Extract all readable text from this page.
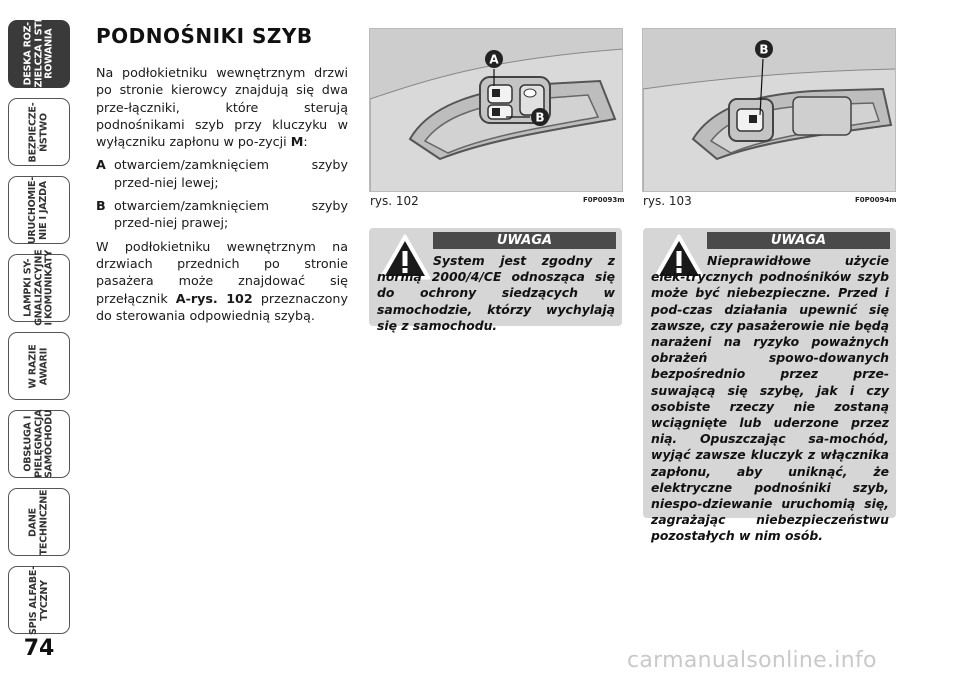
DESKA ROZ-
DZIELCZA I STE-
ROWANIA
BEZPIECZE-
ŃSTWO
URUCHOMIE-
NIE I JAZDA
LAMPKI SY-
GNALIZACYJNE
I KOMUNIKATY
W RAZIE
AWARII
OBSŁUGA I
PIELĘGNACJA
SAMOCHODU
DANE
TECHNICZNE
SPIS ALFABE-
TYCZNY
74
PODNOŚNIKI SZYB

Na podłokietniku wewnętrznym drzwi po stronie kierowcy znajdują się dwa prze-łączniki, które sterują podnośnikami szyb przy kluczyku w wyłączniku zapłonu w po-zycji M:

A otwarciem/zamknięciem szyby przed-niej lewej;
B otwarciem/zamknięciem szyby przed-niej prawej;

W podłokietniku wewnętrznym na drzwiach przednich po stronie pasażera może znajdować się przełącznik A-rys. 102 przeznaczony do sterowania odpowiednią szybą.

A
B
rys. 102	F0P0093m
B
rys. 103	F0P0094m
UWAGA
System jest zgodny z normą 2000/4/CE odnosząca się do ochrony siedzących w samochodzie, którzy wychylają się z samochodu.
UWAGA
Nieprawidłowe użycie elek-trycznych podnośników szyb może być niebezpieczne. Przed i pod-czas działania upewnić się zawsze, czy pasażerowie nie będą narażeni na ryzyko poważnych obrażeń spowo-dowanych bezpośrednio przez prze-suwającą się szybę, jak i czy osobiste rzeczy nie zostaną wciągnięte lub uderzone przez nią. Opuszczając sa-mochód, wyjąć zawsze kluczyk z włącznika zapłonu, aby uniknąć, że elektryczne podnośniki szyb, niespo-dziewanie uruchomią się, zagrażając niebezpieczeństwu pozostałych w nim osób.
carmanualsonline.info
